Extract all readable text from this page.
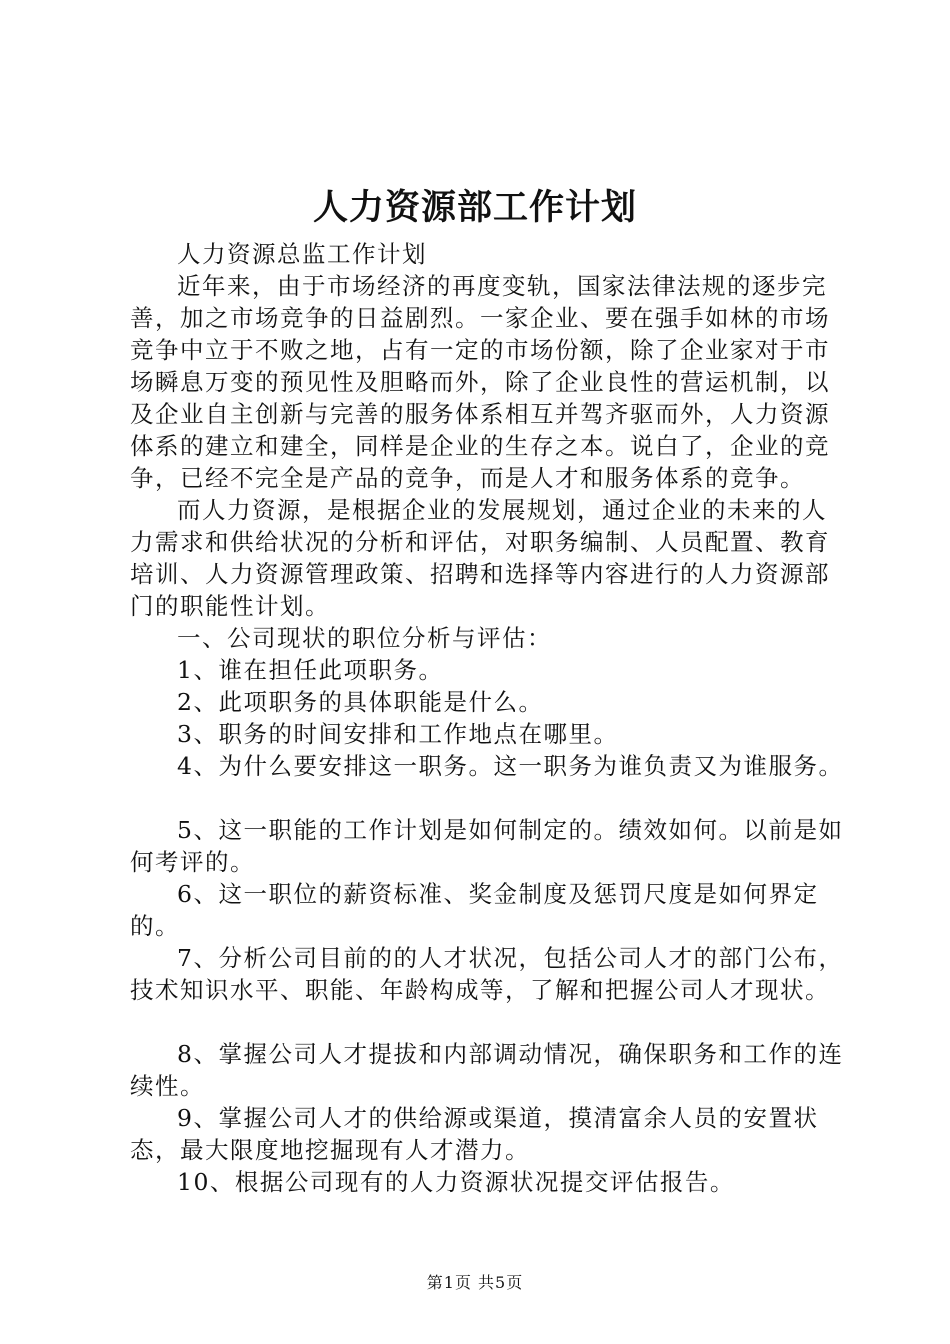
人力资源部工作计划

人力资源总监工作计划

近年来，由于市场经济的再度变轨，国家法律法规的逐步完善，加之市场竞争的日益剧烈。一家企业、要在强手如林的市场竞争中立于不败之地，占有一定的市场份额，除了企业家对于市场瞬息万变的预见性及胆略而外，除了企业良性的营运机制，以及企业自主创新与完善的服务体系相互并驾齐驱而外，人力资源体系的建立和建全，同样是企业的生存之本。说白了，企业的竞争，已经不完全是产品的竞争，而是人才和服务体系的竞争。

而人力资源，是根据企业的发展规划，通过企业的未来的人力需求和供给状况的分析和评估，对职务编制、人员配置、教育培训、人力资源管理政策、招聘和选择等内容进行的人力资源部门的职能性计划。

一、公司现状的职位分析与评估：

1、谁在担任此项职务。

2、此项职务的具体职能是什么。

3、职务的时间安排和工作地点在哪里。

4、为什么要安排这一职务。这一职务为谁负责又为谁服务。

5、这一职能的工作计划是如何制定的。绩效如何。以前是如何考评的。

6、这一职位的薪资标准、奖金制度及惩罚尺度是如何界定的。

7、分析公司目前的的人才状况，包括公司人才的部门公布，技术知识水平、职能、年龄构成等，了解和把握公司人才现状。

8、掌握公司人才提拔和内部调动情况，确保职务和工作的连续性。

9、掌握公司人才的供给源或渠道，摸清富余人员的安置状态，最大限度地挖掘现有人才潜力。

10、根据公司现有的人力资源状况提交评估报告。

第1页 共5页
